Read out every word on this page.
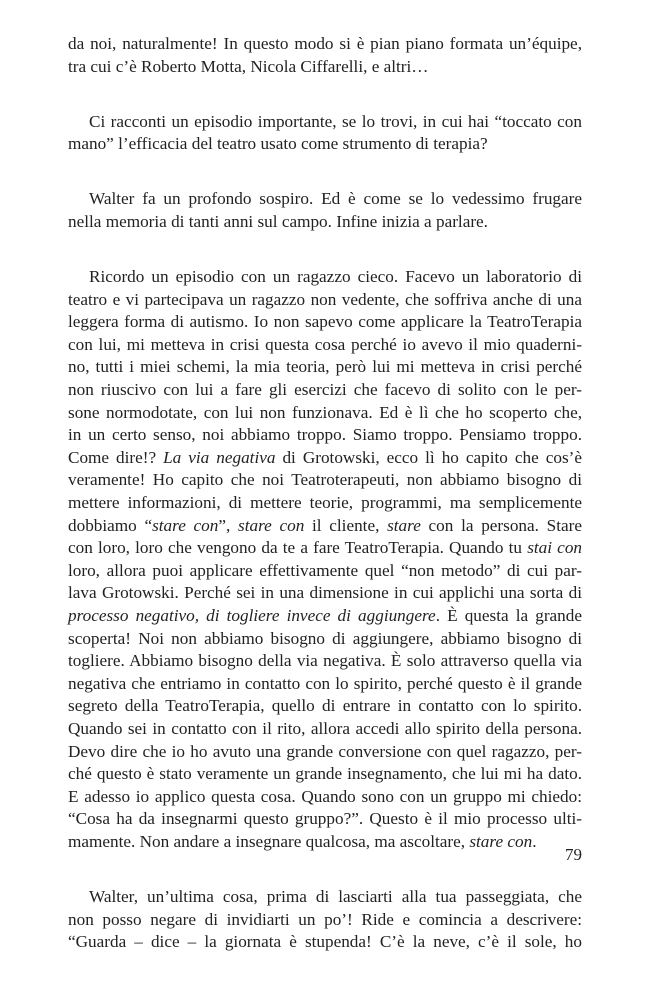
da noi, naturalmente! In questo modo si è pian piano formata un’équipe,
tra cui c’è Roberto Motta, Nicola Ciffarelli, e altri…
Ci racconti un episodio importante, se lo trovi, in cui hai “toccato con
mano” l’efficacia del teatro usato come strumento di terapia?
Walter fa un profondo sospiro. Ed è come se lo vedessimo frugare
nella memoria di tanti anni sul campo. Infine inizia a parlare.
Ricordo un episodio con un ragazzo cieco. Facevo un laboratorio di
teatro e vi partecipava un ragazzo non vedente, che soffriva anche di una
leggera forma di autismo. Io non sapevo come applicare la TeatroTerapia
con lui, mi metteva in crisi questa cosa perché io avevo il mio quaderni-
no, tutti i miei schemi, la mia teoria, però lui mi metteva in crisi perché
non riuscivo con lui a fare gli esercizi che facevo di solito con le per-
sone normodotate, con lui non funzionava. Ed è lì che ho scoperto che,
in un certo senso, noi abbiamo troppo. Siamo troppo. Pensiamo troppo.
Come dire!? La via negativa di Grotowski, ecco lì ho capito che cos’è
veramente! Ho capito che noi Teatroterapeuti, non abbiamo bisogno di
mettere informazioni, di mettere teorie, programmi, ma semplicemente
dobbiamo “stare con”, stare con il cliente, stare con la persona. Stare
con loro, loro che vengono da te a fare TeatroTerapia. Quando tu stai con
loro, allora puoi applicare effettivamente quel “non metodo” di cui par-
lava Grotowski. Perché sei in una dimensione in cui applichi una sorta di
processo negativo, di togliere invece di aggiungere. È questa la grande
scoperta! Noi non abbiamo bisogno di aggiungere, abbiamo bisogno di
togliere. Abbiamo bisogno della via negativa. È solo attraverso quella via
negativa che entriamo in contatto con lo spirito, perché questo è il grande
segreto della TeatroTerapia, quello di entrare in contatto con lo spirito.
Quando sei in contatto con il rito, allora accedi allo spirito della persona.
Devo dire che io ho avuto una grande conversione con quel ragazzo, per-
ché questo è stato veramente un grande insegnamento, che lui mi ha dato.
E adesso io applico questa cosa. Quando sono con un gruppo mi chiedo:
“Cosa ha da insegnarmi questo gruppo?”. Questo è il mio processo ulti-
mamente. Non andare a insegnare qualcosa, ma ascoltare, stare con.
Walter, un’ultima cosa, prima di lasciarti alla tua passeggiata, che
non posso negare di invidiarti un po’! Ride e comincia a descrivere:
“Guarda – dice – la giornata è stupenda! C’è la neve, c’è il sole, ho
79
